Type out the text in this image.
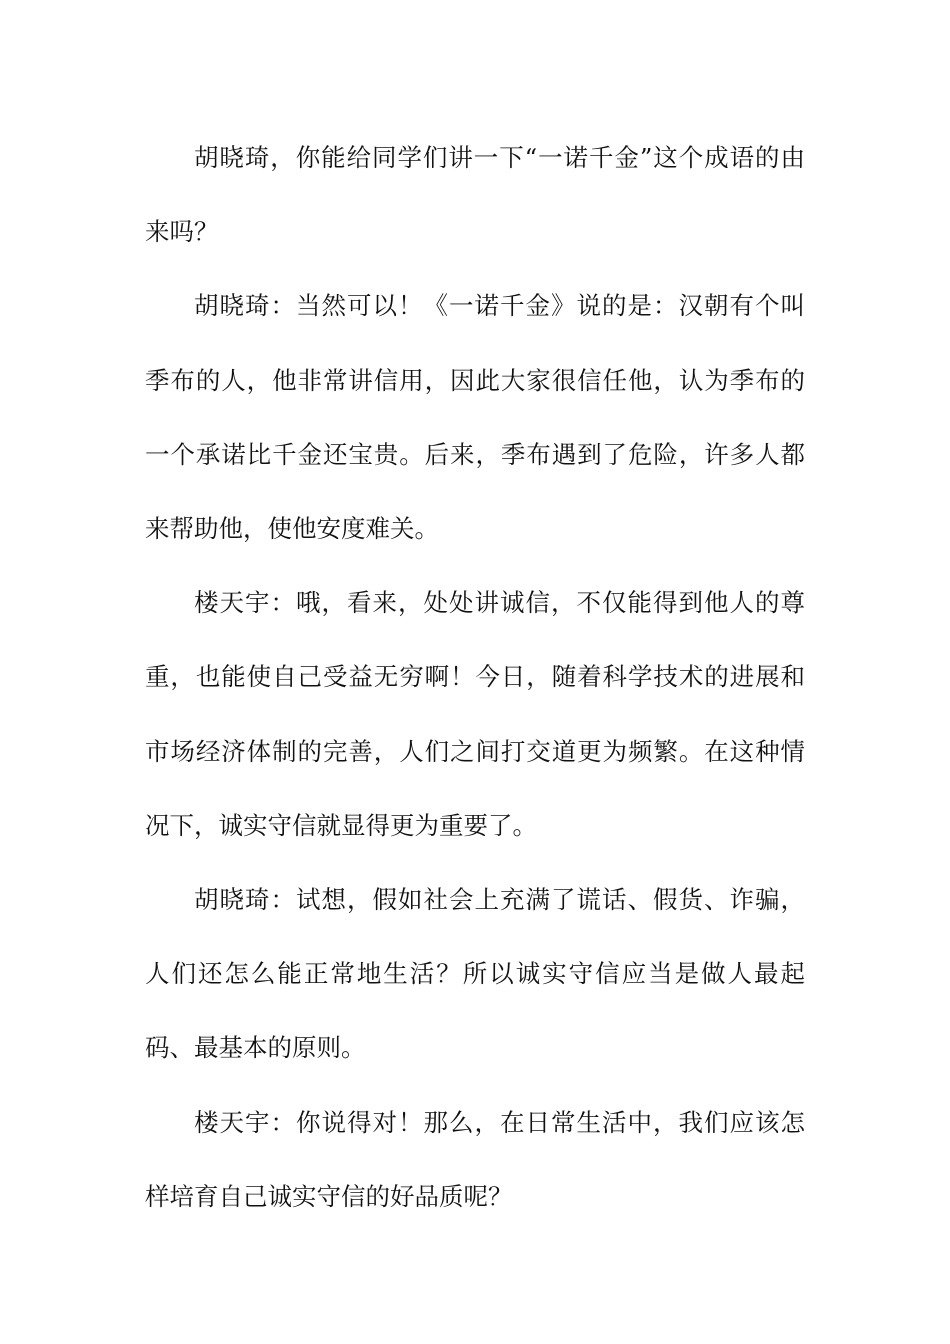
胡晓琦，你能给同学们讲一下“一诺千金”这个成语的由来吗？

胡晓琦：当然可以！《一诺千金》说的是：汉朝有个叫季布的人，他非常讲信用，因此大家很信任他，认为季布的一个承诺比千金还宝贵。后来，季布遇到了危险，许多人都来帮助他，使他安度难关。

楼天宇：哦，看来，处处讲诚信，不仅能得到他人的尊重，也能使自己受益无穷啊！今日，随着科学技术的进展和市场经济体制的完善，人们之间打交道更为频繁。在这种情况下，诚实守信就显得更为重要了。

胡晓琦：试想，假如社会上充满了谎话、假货、诈骗，人们还怎么能正常地生活？所以诚实守信应当是做人最起码、最基本的原则。

楼天宇：你说得对！那么，在日常生活中，我们应该怎样培育自己诚实守信的好品质呢？
